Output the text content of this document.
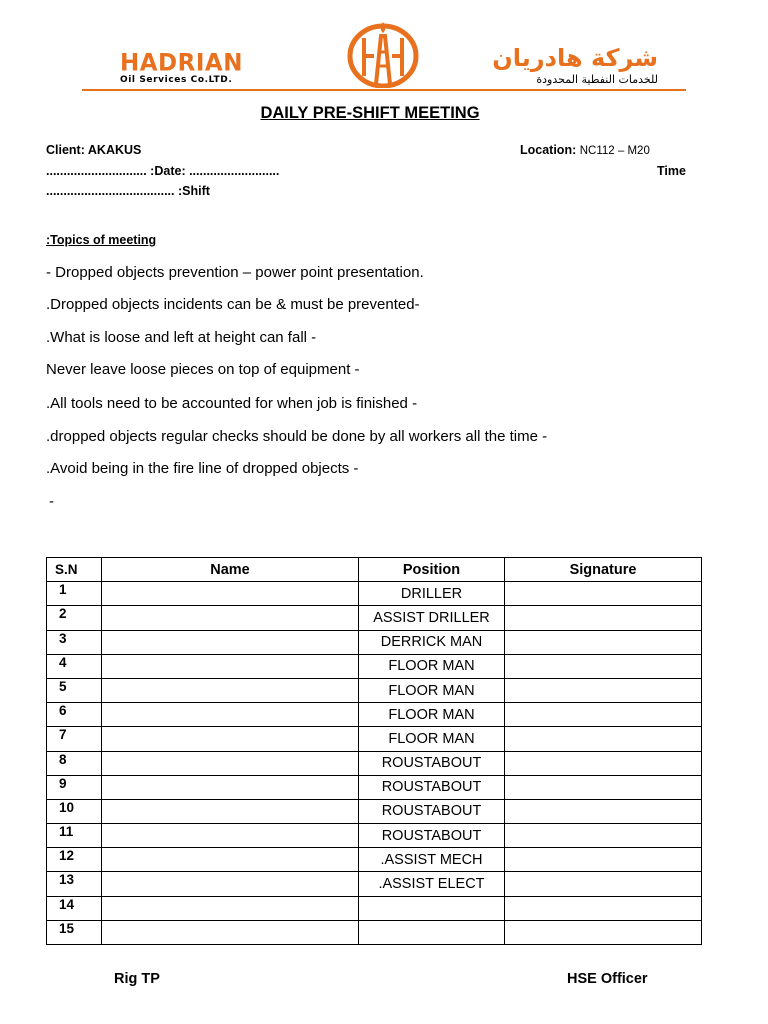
HADRIAN
Oil Services Co.LTD.
شركة هادريان
للخدمات النفطية المحدودة
DAILY PRE-SHIFT MEETING
Client: AKAKUS	Location: NC112 – M20
............................. :Date: ..........................	Time
..................................... :Shift
:Topics of meeting
- Dropped objects prevention – power point presentation.
.Dropped objects incidents can be & must be prevented-
.What is loose and left at height can fall -
Never leave loose pieces on top of equipment -
.All tools need to be accounted for when job is finished -
.dropped objects regular checks should be done by all workers all the time -
.Avoid being in the fire line of dropped objects -
-
S.N	Name	Position	Signature
1		DRILLER	
2		ASSIST DRILLER	
3		DERRICK MAN	
4		FLOOR MAN	
5		FLOOR MAN	
6		FLOOR MAN	
7		FLOOR MAN	
8		ROUSTABOUT	
9		ROUSTABOUT	
10		ROUSTABOUT	
11		ROUSTABOUT	
12		.ASSIST MECH	
13		.ASSIST ELECT	
14			
15			
Rig TP	HSE Officer
